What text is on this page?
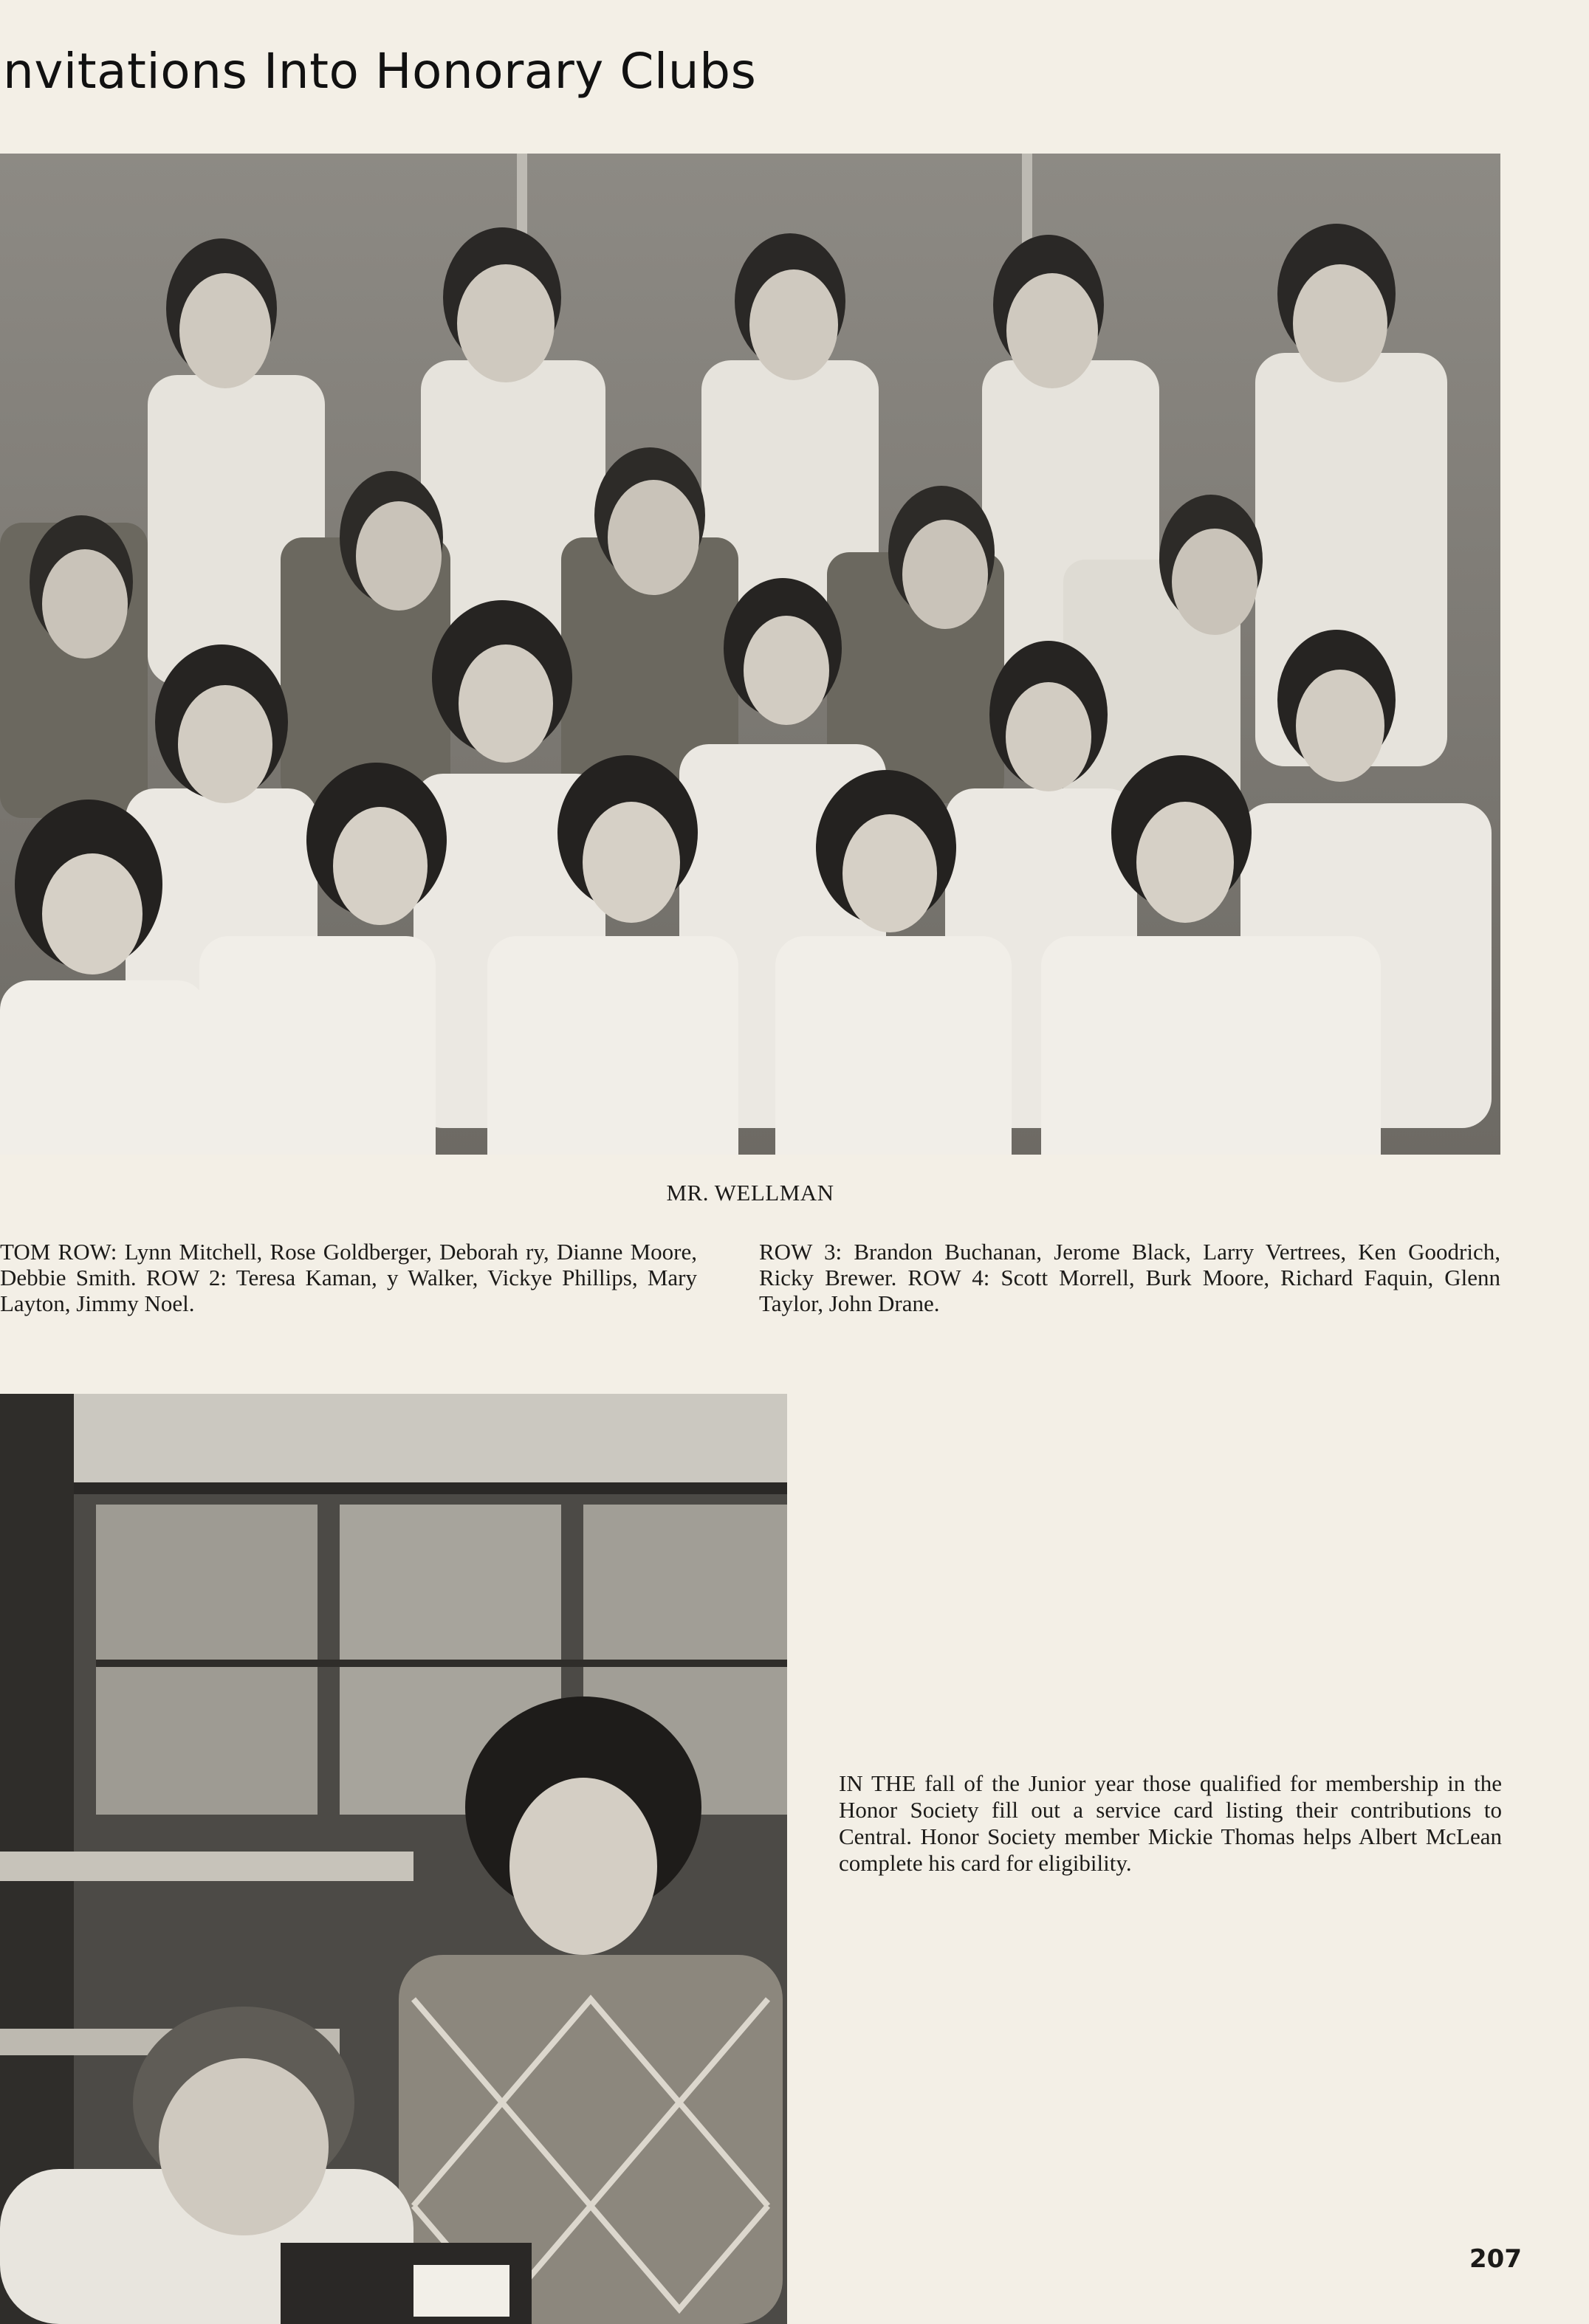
nvitations Into Honorary Clubs
MR. WELLMAN

TOM ROW: Lynn Mitchell, Rose Goldberger, Deborah ry, Dianne Moore, Debbie Smith. ROW 2: Teresa Kaman, y Walker, Vickye Phillips, Mary Layton, Jimmy Noel.

ROW 3: Brandon Buchanan, Jerome Black, Larry Vertrees, Ken Goodrich, Ricky Brewer. ROW 4: Scott Morrell, Burk Moore, Richard Faquin, Glenn Taylor, John Drane.

IN THE fall of the Junior year those qualified for membership in the Honor Society fill out a service card listing their contributions to Central. Honor Society member Mickie Thomas helps Albert McLean complete his card for eligibility.

207
